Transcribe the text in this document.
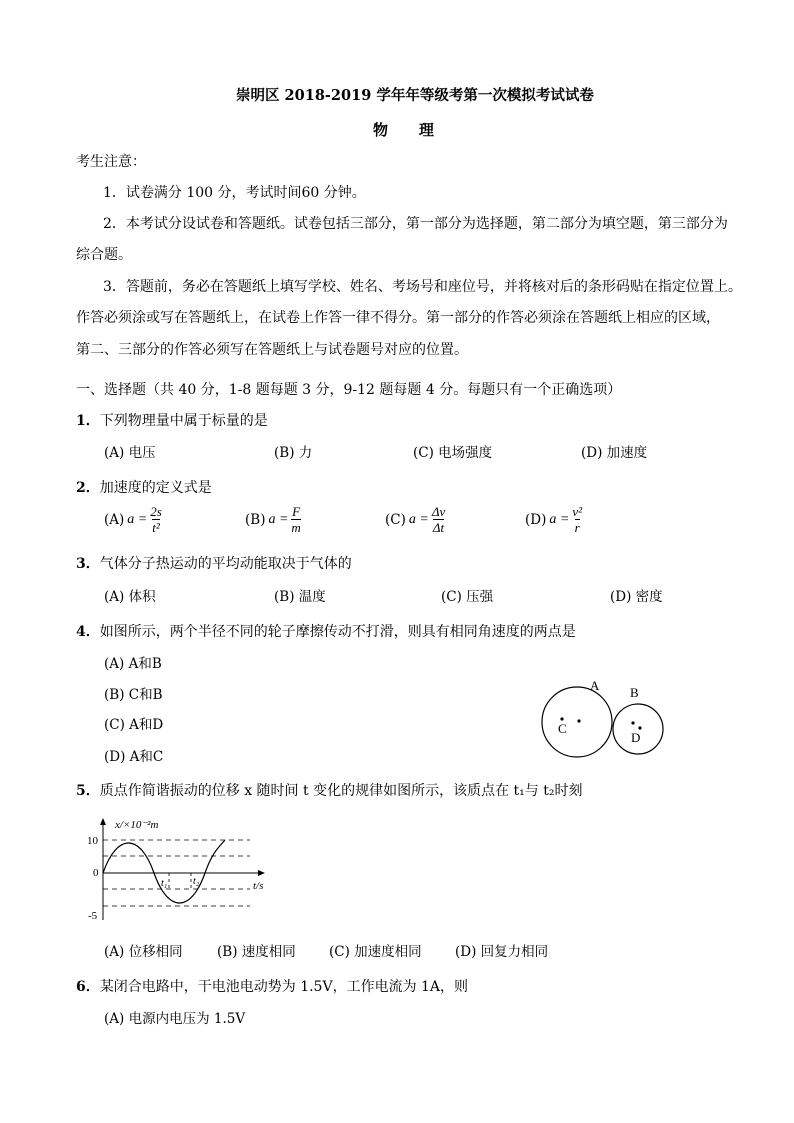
崇明区 2018-2019 学年年等级考第一次模拟考试试卷
物    理
考生注意：
1．试卷满分 100 分，考试时间60 分钟。
2．本考试分设试卷和答题纸。试卷包括三部分，第一部分为选择题，第二部分为填空题，第三部分为
综合题。
3．答题前，务必在答题纸上填写学校、姓名、考场号和座位号，并将核对后的条形码贴在指定位置上。
作答必须涂或写在答题纸上，在试卷上作答一律不得分。第一部分的作答必须涂在答题纸上相应的区域，
第二、三部分的作答必须写在答题纸上与试卷题号对应的位置。
一、选择题（共 40 分，1-8 题每题 3 分，9-12 题每题 4 分。每题只有一个正确选项）
1．下列物理量中属于标量的是
(A) 电压	(B) 力	(C) 电场强度	(D) 加速度
2．加速度的定义式是
(A) $a = \frac{2s}{\text{t²}}$	(B) $a = \frac{F}{m}$	(C) $a = \frac{\Delta v}{\Delta t}$	(D) $a = \frac{\text{v²}}{r}$
3．气体分子热运动的平均动能取决于气体的
(A) 体积	(B) 温度	(C) 压强	(D) 密度
4．如图所示，两个半径不同的轮子摩擦传动不打滑，则具有相同角速度的两点是
(A) A和B
(B) C和B
(C) A和D
(D) A和C
A B
C
D
5．质点作简谐振动的位移 x 随时间 t 变化的规律如图所示，该质点在 t₁与 t₂时刻
x/×10⁻²m
10
0
-5
t₁	t₂	t/s
(A) 位移相同	(B) 速度相同 (C) 加速度相同 (D) 回复力相同
6．某闭合电路中，干电池电动势为 1.5V，工作电流为 1A，则
(A) 电源内电压为 1.5V
